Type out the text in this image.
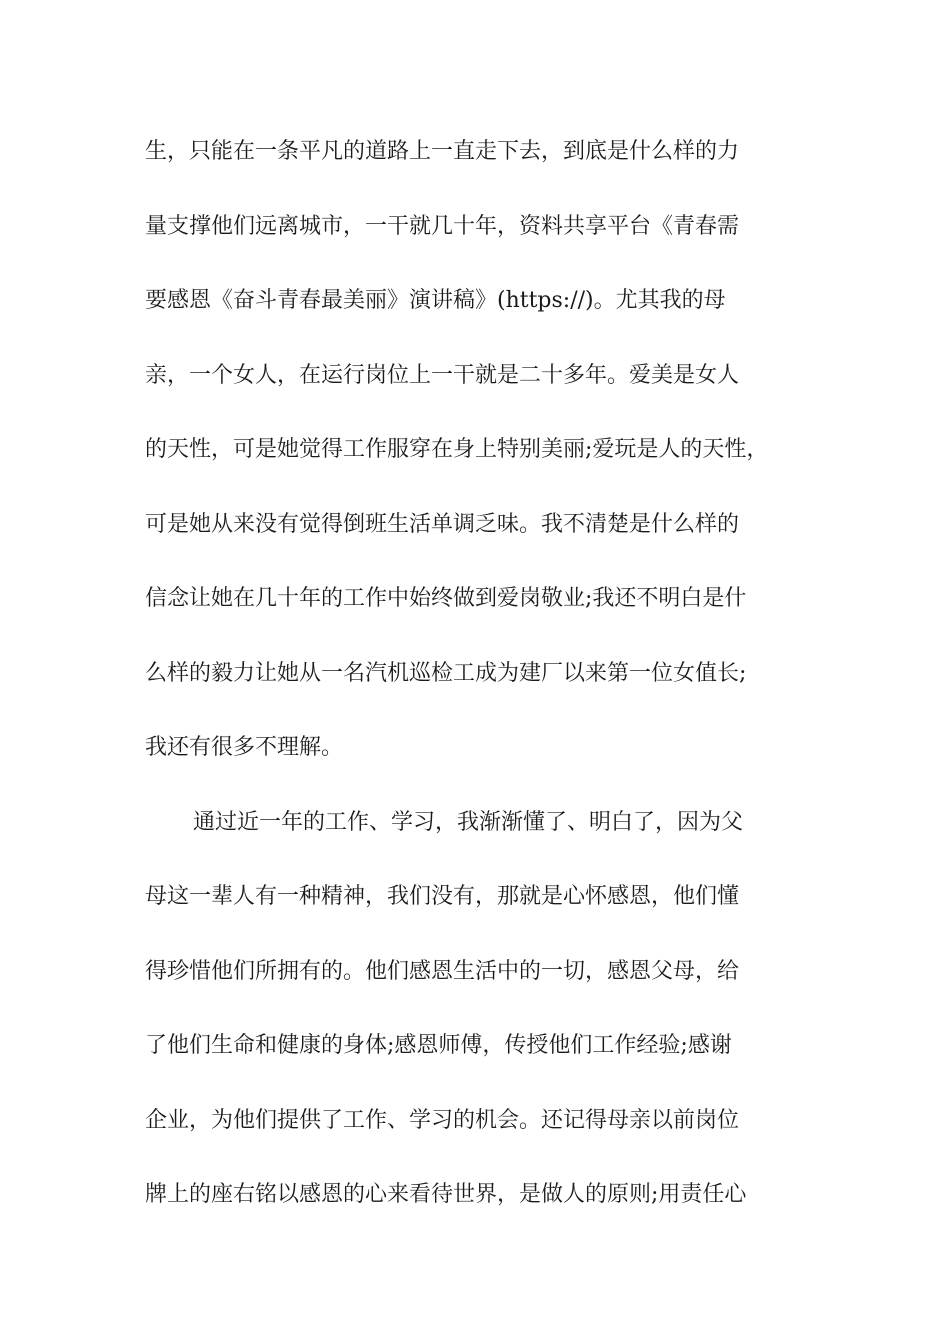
生，只能在一条平凡的道路上一直走下去，到底是什么样的力
量支撑他们远离城市，一干就几十年，资料共享平台《青春需
要感恩《奋斗青春最美丽》演讲稿》(https://)。尤其我的母
亲，一个女人，在运行岗位上一干就是二十多年。爱美是女人
的天性，可是她觉得工作服穿在身上特别美丽;爱玩是人的天性，
可是她从来没有觉得倒班生活单调乏味。我不清楚是什么样的
信念让她在几十年的工作中始终做到爱岗敬业;我还不明白是什
么样的毅力让她从一名汽机巡检工成为建厂以来第一位女值长;
我还有很多不理解。
通过近一年的工作、学习，我渐渐懂了、明白了，因为父
母这一辈人有一种精神，我们没有，那就是心怀感恩，他们懂
得珍惜他们所拥有的。他们感恩生活中的一切，感恩父母，给
了他们生命和健康的身体;感恩师傅，传授他们工作经验;感谢
企业，为他们提供了工作、学习的机会。还记得母亲以前岗位
牌上的座右铭以感恩的心来看待世界，是做人的原则;用责任心
